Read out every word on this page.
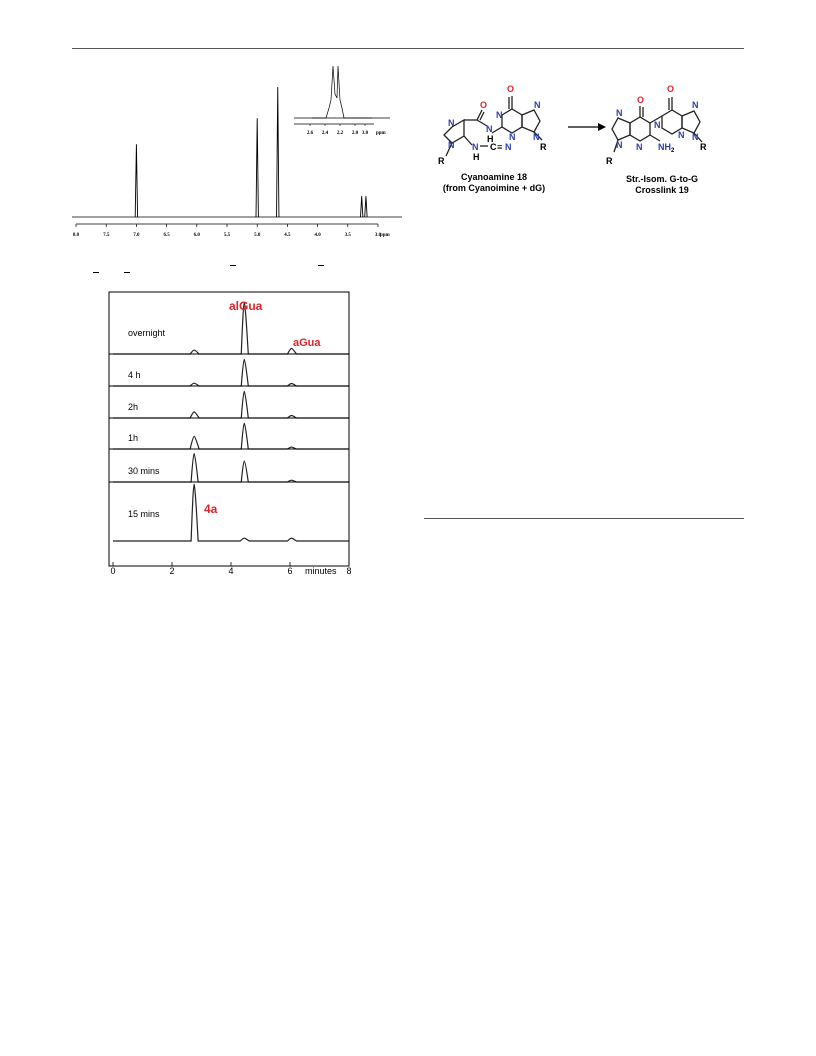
8.0	7.5	7.0	6.5	6.0	5.5	5.0	4.5	4.0	3.5	3.0
ppm
2.6 2.4 2.2 2.0 3.0 ppm
overnight
4 h
2h
1h
30 mins
15 mins
0	2	4	6	8
minutes
alGua
aGua
4a
N
N
R
O
N
H
N
H
C ≡ N
N
N
O
N
N
R
N
N
R
O
N
N
$NH_2$
O
N
N
N
R
Cyanoamine 18
(from Cyanoimine + dG)
Str.-Isom. G-to-G
Crosslink 19
